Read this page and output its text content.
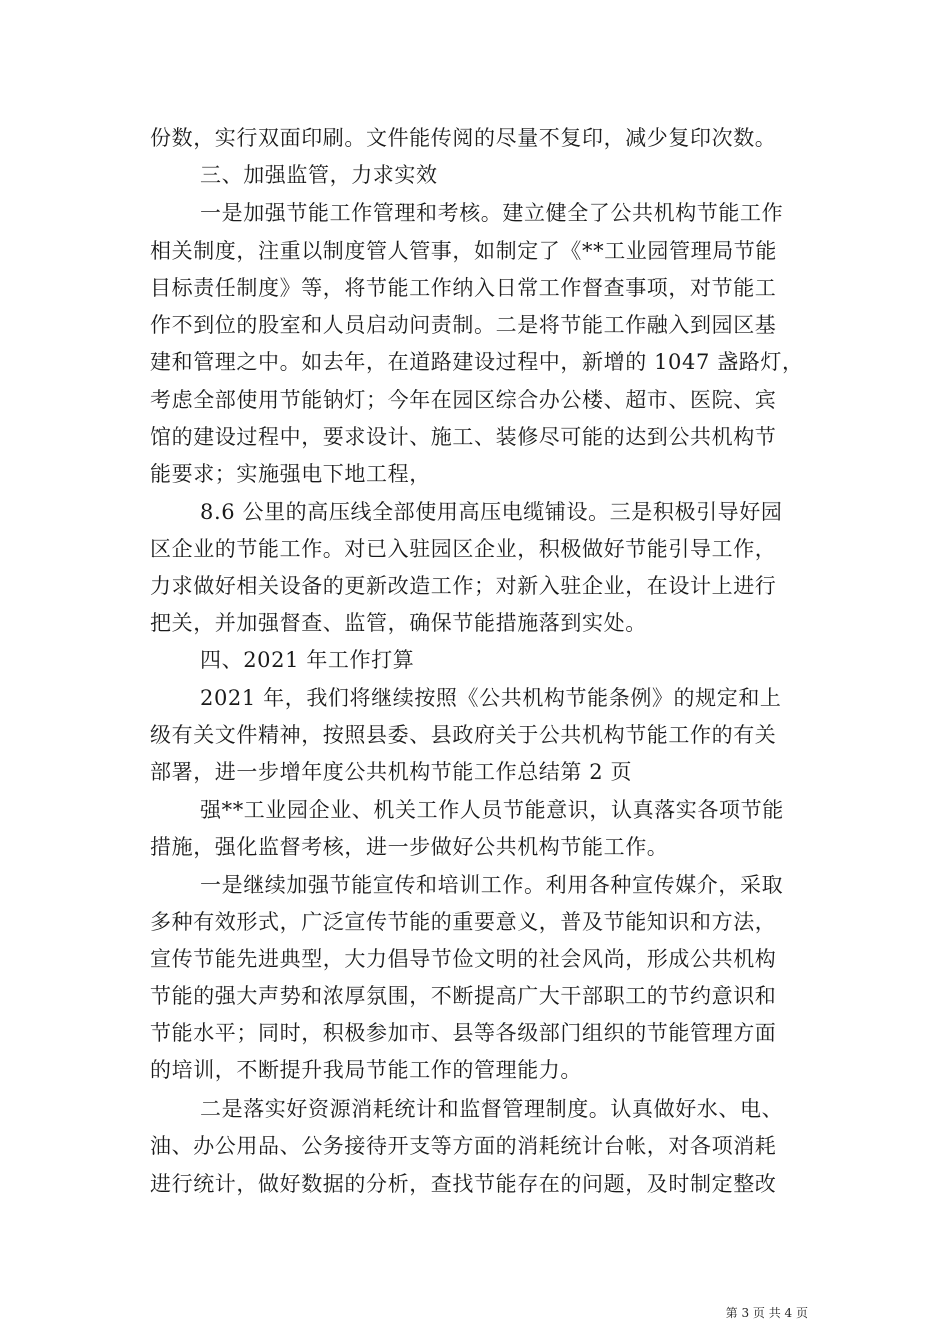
份数，实行双面印刷。文件能传阅的尽量不复印，减少复印次数。
三、加强监管，力求实效
一是加强节能工作管理和考核。建立健全了公共机构节能工作
相关制度，注重以制度管人管事，如制定了《**工业园管理局节能
目标责任制度》等，将节能工作纳入日常工作督查事项，对节能工
作不到位的股室和人员启动问责制。二是将节能工作融入到园区基
建和管理之中。如去年，在道路建设过程中，新增的 1047 盏路灯，
考虑全部使用节能钠灯；今年在园区综合办公楼、超市、医院、宾
馆的建设过程中，要求设计、施工、装修尽可能的达到公共机构节
能要求；实施强电下地工程，
8.6 公里的高压线全部使用高压电缆铺设。三是积极引导好园
区企业的节能工作。对已入驻园区企业，积极做好节能引导工作，
力求做好相关设备的更新改造工作；对新入驻企业，在设计上进行
把关，并加强督查、监管，确保节能措施落到实处。
四、2021 年工作打算
2021 年，我们将继续按照《公共机构节能条例》的规定和上
级有关文件精神，按照县委、县政府关于公共机构节能工作的有关
部署，进一步增年度公共机构节能工作总结第 2 页
强**工业园企业、机关工作人员节能意识，认真落实各项节能
措施，强化监督考核，进一步做好公共机构节能工作。
一是继续加强节能宣传和培训工作。利用各种宣传媒介，采取
多种有效形式，广泛宣传节能的重要意义，普及节能知识和方法，
宣传节能先进典型，大力倡导节俭文明的社会风尚，形成公共机构
节能的强大声势和浓厚氛围，不断提高广大干部职工的节约意识和
节能水平；同时，积极参加市、县等各级部门组织的节能管理方面
的培训，不断提升我局节能工作的管理能力。
二是落实好资源消耗统计和监督管理制度。认真做好水、电、
油、办公用品、公务接待开支等方面的消耗统计台帐，对各项消耗
进行统计，做好数据的分析，查找节能存在的问题，及时制定整改
第 3 页 共 4 页
